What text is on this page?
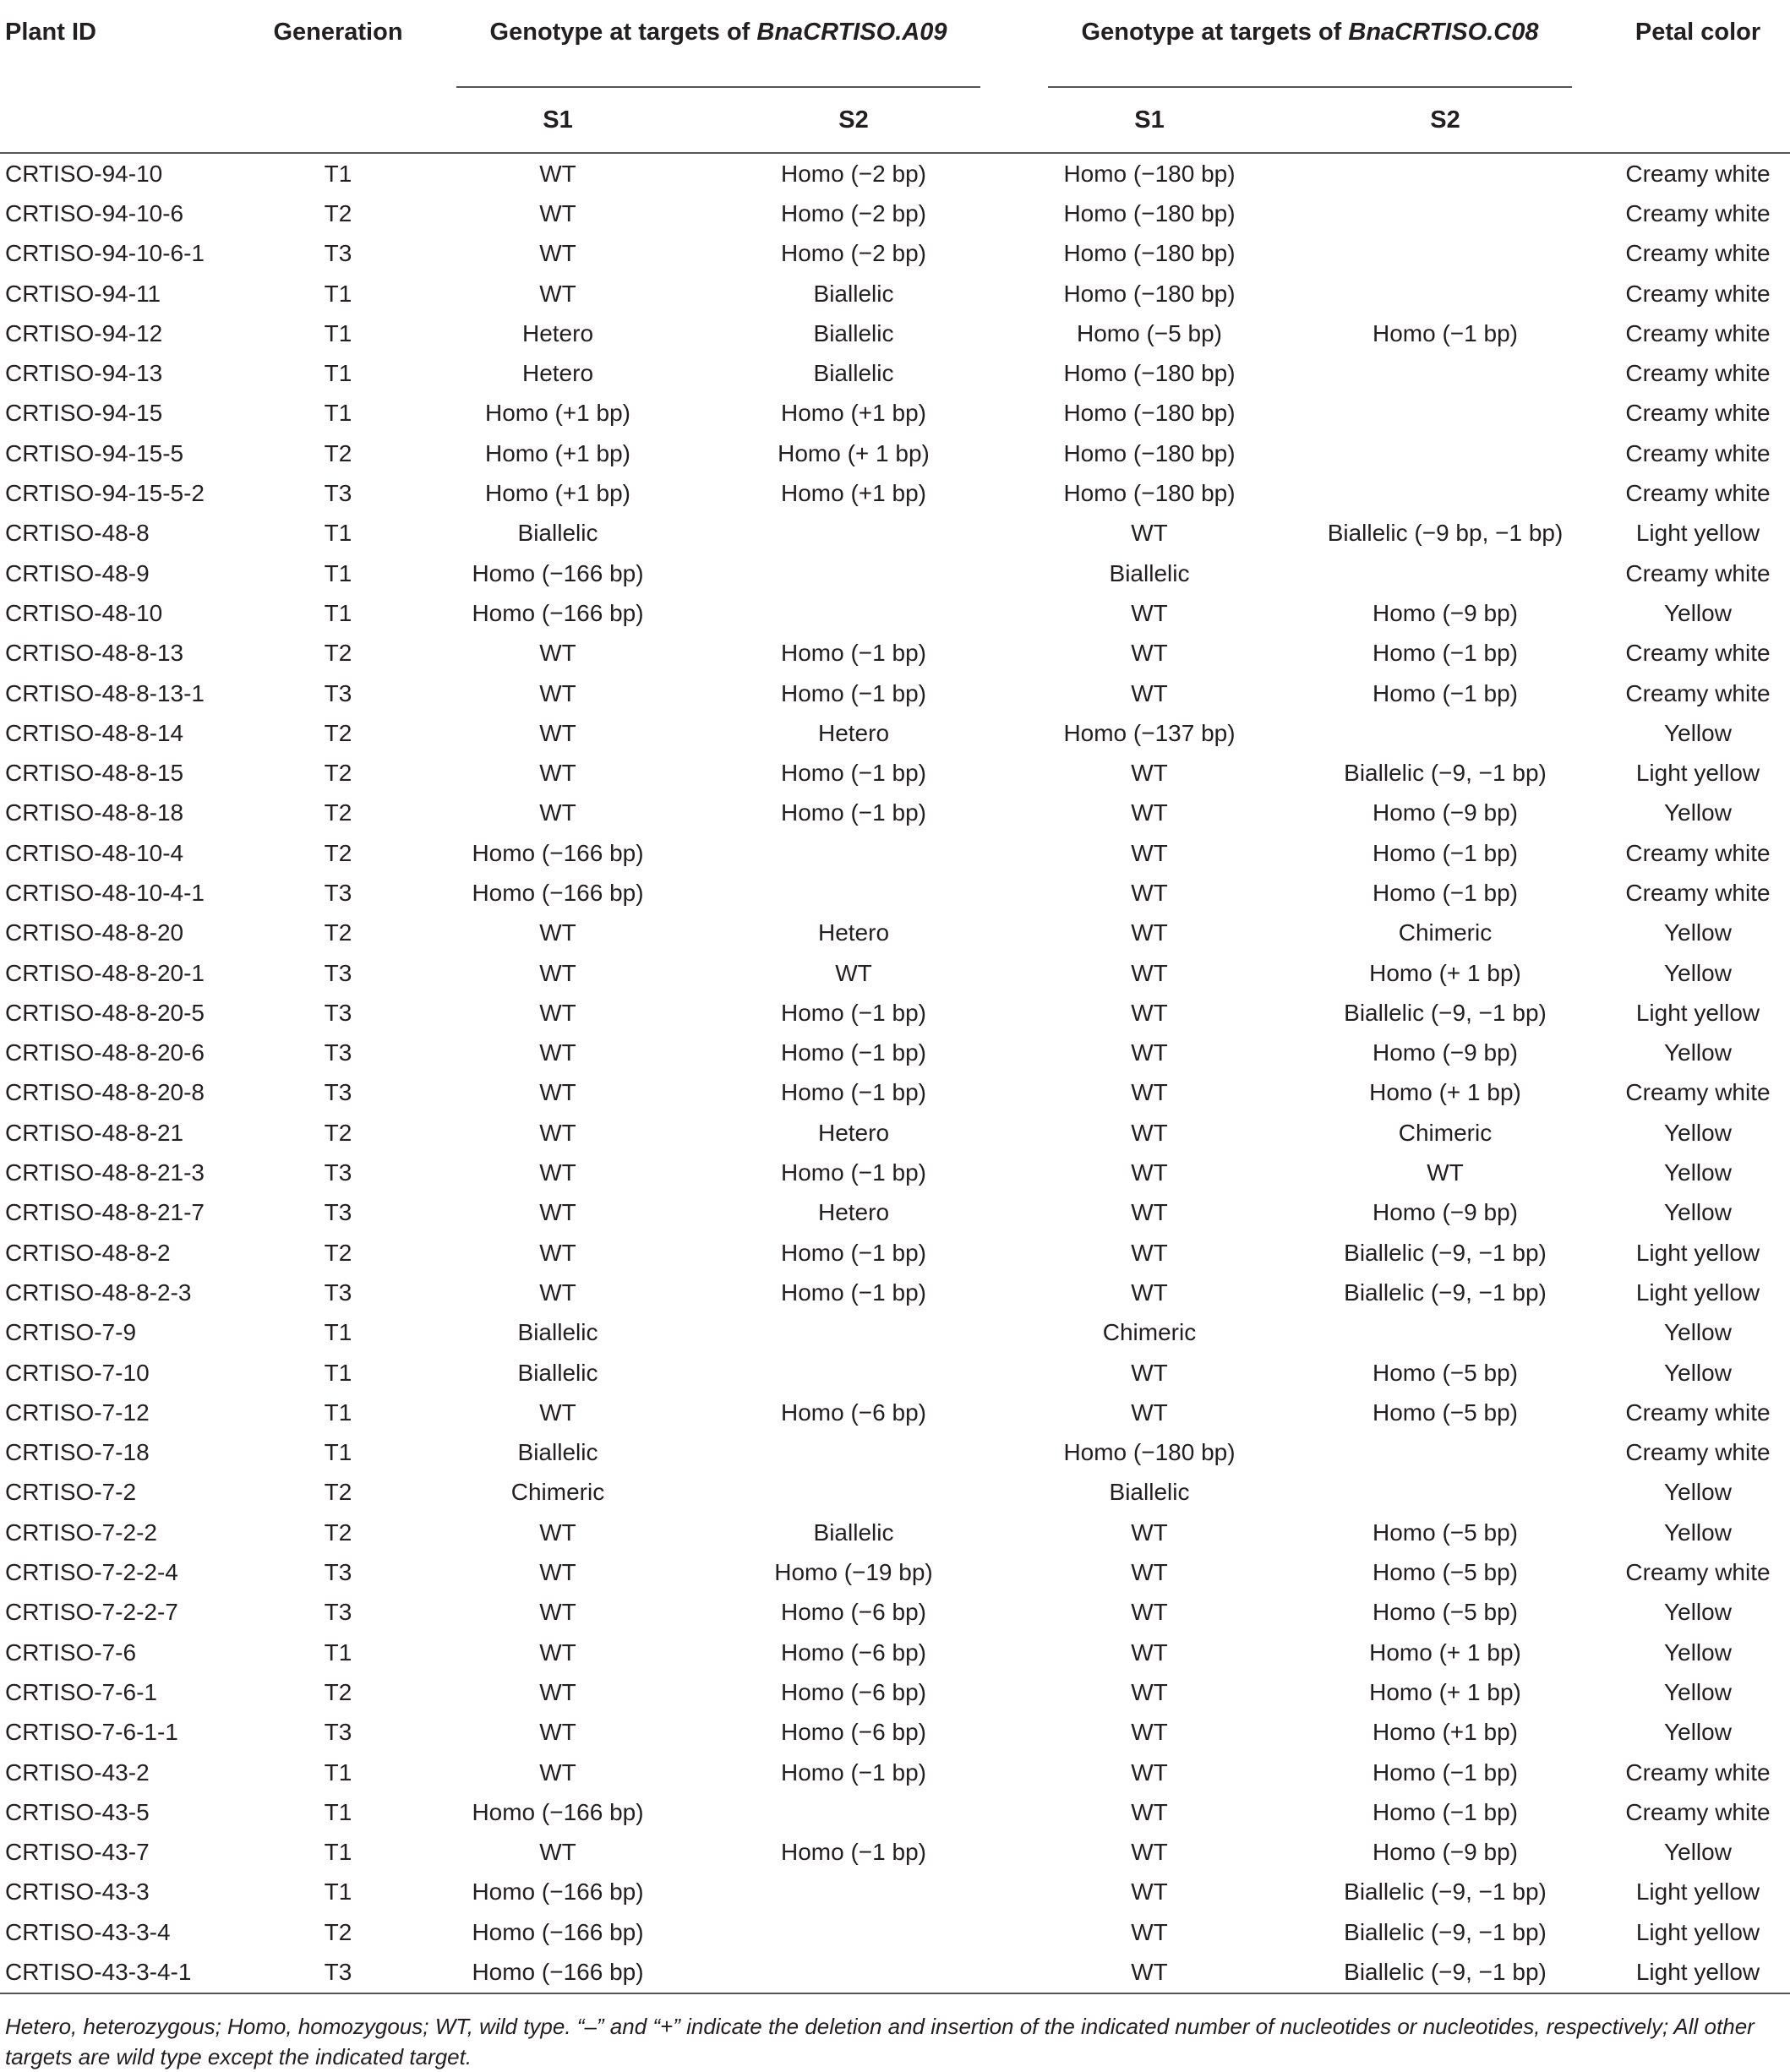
Plant ID	Generation	Genotype at targets of BnaCRTISO.A09		Genotype at targets of BnaCRTISO.C08		Petal color
		S1	S2	S1	S2	
CRTISO-94-10	T1	WT	Homo (−2 bp)	Homo (−180 bp)		Creamy white
CRTISO-94-10-6	T2	WT	Homo (−2 bp)	Homo (−180 bp)		Creamy white
CRTISO-94-10-6-1	T3	WT	Homo (−2 bp)	Homo (−180 bp)		Creamy white
CRTISO-94-11	T1	WT	Biallelic	Homo (−180 bp)		Creamy white
CRTISO-94-12	T1	Hetero	Biallelic	Homo (−5 bp)	Homo (−1 bp)	Creamy white
CRTISO-94-13	T1	Hetero	Biallelic	Homo (−180 bp)		Creamy white
CRTISO-94-15	T1	Homo (+1 bp)	Homo (+1 bp)	Homo (−180 bp)		Creamy white
CRTISO-94-15-5	T2	Homo (+1 bp)	Homo (+ 1 bp)	Homo (−180 bp)		Creamy white
CRTISO-94-15-5-2	T3	Homo (+1 bp)	Homo (+1 bp)	Homo (−180 bp)		Creamy white
CRTISO-48-8	T1	Biallelic		WT	Biallelic (−9 bp, −1 bp)	Light yellow
CRTISO-48-9	T1	Homo (−166 bp)		Biallelic		Creamy white
CRTISO-48-10	T1	Homo (−166 bp)		WT	Homo (−9 bp)	Yellow
CRTISO-48-8-13	T2	WT	Homo (−1 bp)	WT	Homo (−1 bp)	Creamy white
CRTISO-48-8-13-1	T3	WT	Homo (−1 bp)	WT	Homo (−1 bp)	Creamy white
CRTISO-48-8-14	T2	WT	Hetero	Homo (−137 bp)		Yellow
CRTISO-48-8-15	T2	WT	Homo (−1 bp)	WT	Biallelic (−9, −1 bp)	Light yellow
CRTISO-48-8-18	T2	WT	Homo (−1 bp)	WT	Homo (−9 bp)	Yellow
CRTISO-48-10-4	T2	Homo (−166 bp)		WT	Homo (−1 bp)	Creamy white
CRTISO-48-10-4-1	T3	Homo (−166 bp)		WT	Homo (−1 bp)	Creamy white
CRTISO-48-8-20	T2	WT	Hetero	WT	Chimeric	Yellow
CRTISO-48-8-20-1	T3	WT	WT	WT	Homo (+ 1 bp)	Yellow
CRTISO-48-8-20-5	T3	WT	Homo (−1 bp)	WT	Biallelic (−9, −1 bp)	Light yellow
CRTISO-48-8-20-6	T3	WT	Homo (−1 bp)	WT	Homo (−9 bp)	Yellow
CRTISO-48-8-20-8	T3	WT	Homo (−1 bp)	WT	Homo (+ 1 bp)	Creamy white
CRTISO-48-8-21	T2	WT	Hetero	WT	Chimeric	Yellow
CRTISO-48-8-21-3	T3	WT	Homo (−1 bp)	WT	WT	Yellow
CRTISO-48-8-21-7	T3	WT	Hetero	WT	Homo (−9 bp)	Yellow
CRTISO-48-8-2	T2	WT	Homo (−1 bp)	WT	Biallelic (−9, −1 bp)	Light yellow
CRTISO-48-8-2-3	T3	WT	Homo (−1 bp)	WT	Biallelic (−9, −1 bp)	Light yellow
CRTISO-7-9	T1	Biallelic		Chimeric		Yellow
CRTISO-7-10	T1	Biallelic		WT	Homo (−5 bp)	Yellow
CRTISO-7-12	T1	WT	Homo (−6 bp)	WT	Homo (−5 bp)	Creamy white
CRTISO-7-18	T1	Biallelic		Homo (−180 bp)		Creamy white
CRTISO-7-2	T2	Chimeric		Biallelic		Yellow
CRTISO-7-2-2	T2	WT	Biallelic	WT	Homo (−5 bp)	Yellow
CRTISO-7-2-2-4	T3	WT	Homo (−19 bp)	WT	Homo (−5 bp)	Creamy white
CRTISO-7-2-2-7	T3	WT	Homo (−6 bp)	WT	Homo (−5 bp)	Yellow
CRTISO-7-6	T1	WT	Homo (−6 bp)	WT	Homo (+ 1 bp)	Yellow
CRTISO-7-6-1	T2	WT	Homo (−6 bp)	WT	Homo (+ 1 bp)	Yellow
CRTISO-7-6-1-1	T3	WT	Homo (−6 bp)	WT	Homo (+1 bp)	Yellow
CRTISO-43-2	T1	WT	Homo (−1 bp)	WT	Homo (−1 bp)	Creamy white
CRTISO-43-5	T1	Homo (−166 bp)		WT	Homo (−1 bp)	Creamy white
CRTISO-43-7	T1	WT	Homo (−1 bp)	WT	Homo (−9 bp)	Yellow
CRTISO-43-3	T1	Homo (−166 bp)		WT	Biallelic (−9, −1 bp)	Light yellow
CRTISO-43-3-4	T2	Homo (−166 bp)		WT	Biallelic (−9, −1 bp)	Light yellow
CRTISO-43-3-4-1	T3	Homo (−166 bp)		WT	Biallelic (−9, −1 bp)	Light yellow
Hetero, heterozygous; Homo, homozygous; WT, wild type. “–” and “+” indicate the deletion and insertion of the indicated number of nucleotides or nucleotides, respectively; All other targets are wild type except the indicated target.
